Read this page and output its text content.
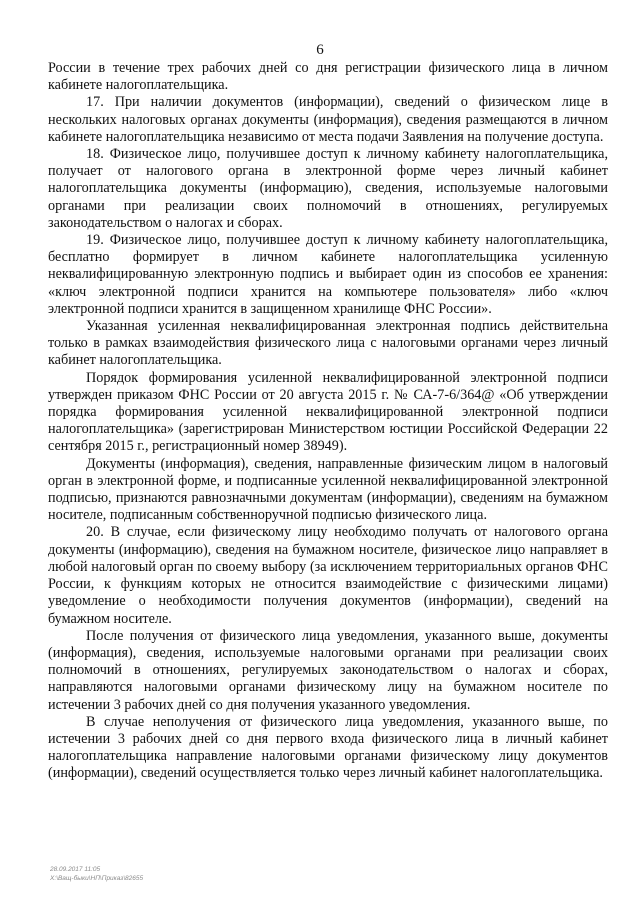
6

России в течение трех рабочих дней со дня регистрации физического лица в личном кабинете налогоплательщика.

17. При наличии документов (информации), сведений о физическом лице в нескольких налоговых органах документы (информация), сведения размещаются в личном кабинете налогоплательщика независимо от места подачи Заявления на получение доступа.

18. Физическое лицо, получившее доступ к личному кабинету налогоплательщика, получает от налогового органа в электронной форме через личный кабинет налогоплательщика документы (информацию), сведения, используемые налоговыми органами при реализации своих полномочий в отношениях, регулируемых законодательством о налогах и сборах.

19. Физическое лицо, получившее доступ к личному кабинету налогоплательщика, бесплатно формирует в личном кабинете налогоплательщика усиленную неквалифицированную электронную подпись и выбирает один из способов ее хранения: «ключ электронной подписи хранится на компьютере пользователя» либо «ключ электронной подписи хранится в защищенном хранилище ФНС России».

Указанная усиленная неквалифицированная электронная подпись действительна только в рамках взаимодействия физического лица с налоговыми органами через личный кабинет налогоплательщика.

Порядок формирования усиленной неквалифицированной электронной подписи утвержден приказом ФНС России от 20 августа 2015 г. № СА-7-6/364@ «Об утверждении порядка формирования усиленной неквалифицированной электронной подписи налогоплательщика» (зарегистрирован Министерством юстиции Российской Федерации 22 сентября 2015 г., регистрационный номер 38949).

Документы (информация), сведения, направленные физическим лицом в налоговый орган в электронной форме, и подписанные усиленной неквалифицированной электронной подписью, признаются равнозначными документам (информации), сведениям на бумажном носителе, подписанным собственноручной подписью физического лица.

20. В случае, если физическому лицу необходимо получать от налогового органа документы (информацию), сведения на бумажном носителе, физическое лицо направляет в любой налоговый орган по своему выбору (за исключением территориальных органов ФНС России, к функциям которых не относится взаимодействие с физическими лицами) уведомление о необходимости получения документов (информации), сведений на бумажном носителе.

После получения от физического лица уведомления, указанного выше, документы (информация), сведения, используемые налоговыми органами при реализации своих полномочий в отношениях, регулируемых законодательством о налогах и сборах, направляются налоговыми органами физическому лицу на бумажном носителе по истечении 3 рабочих дней со дня получения указанного уведомления.

В случае неполучения от физического лица уведомления, указанного выше, по истечении 3 рабочих дней со дня первого входа физического лица в личный кабинет налогоплательщика направление налоговыми органами физическому лицу документов (информации), сведений осуществляется только через личный кабинет налогоплательщика.

28.09.2017 11:05
Х:\Ващ-быки\НП\Приказ\82655
